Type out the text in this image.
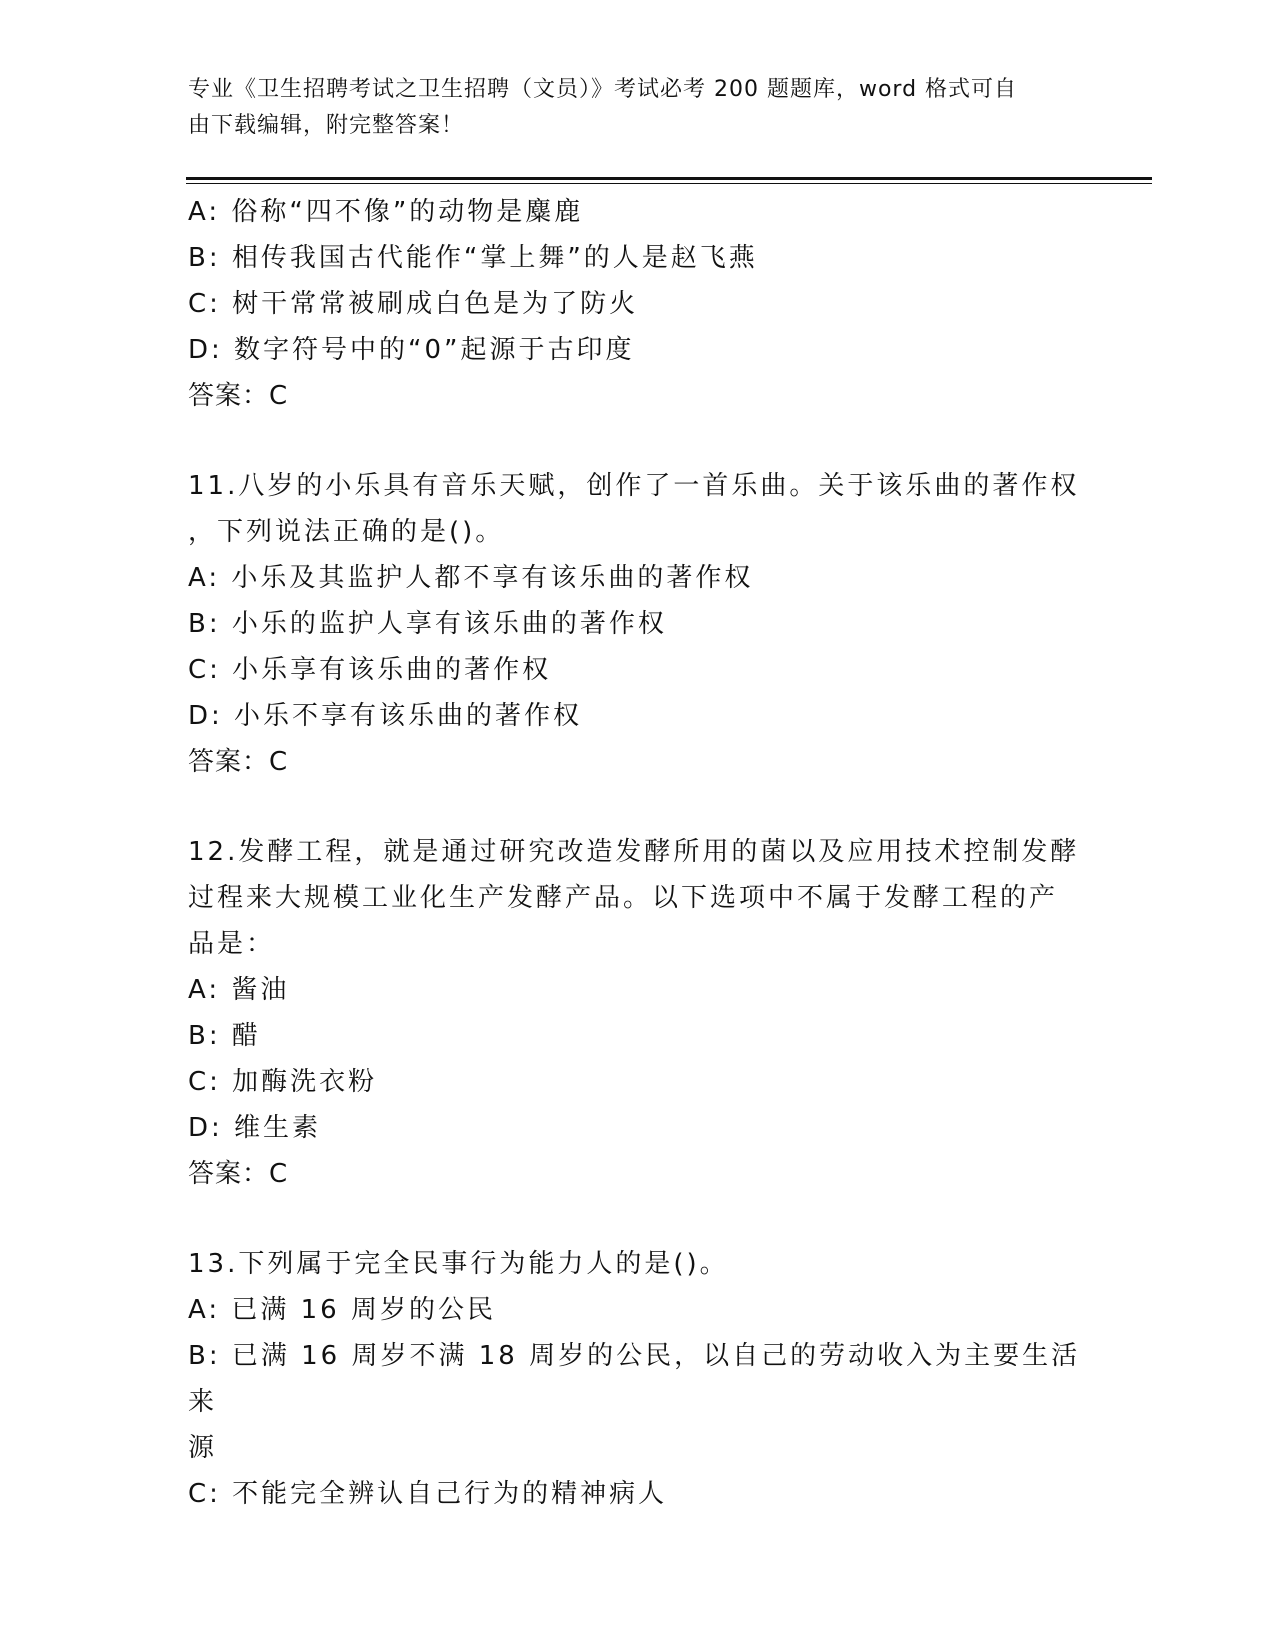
专业《卫生招聘考试之卫生招聘（文员）》考试必考 200 题题库，word 格式可自
由下载编辑，附完整答案！
A: 俗称“四不像”的动物是麋鹿
B: 相传我国古代能作“掌上舞”的人是赵飞燕
C: 树干常常被刷成白色是为了防火
D: 数字符号中的“0”起源于古印度
答案：C
11.八岁的小乐具有音乐天赋，创作了一首乐曲。关于该乐曲的著作权
，下列说法正确的是()。
A: 小乐及其监护人都不享有该乐曲的著作权
B: 小乐的监护人享有该乐曲的著作权
C: 小乐享有该乐曲的著作权
D: 小乐不享有该乐曲的著作权
答案：C
12.发酵工程，就是通过研究改造发酵所用的菌以及应用技术控制发酵
过程来大规模工业化生产发酵产品。以下选项中不属于发酵工程的产
品是：
A: 酱油
B: 醋
C: 加酶洗衣粉
D: 维生素
答案：C
13.下列属于完全民事行为能力人的是()。
A: 已满 16 周岁的公民
B: 已满 16 周岁不满 18 周岁的公民，以自己的劳动收入为主要生活来
源
C: 不能完全辨认自己行为的精神病人
